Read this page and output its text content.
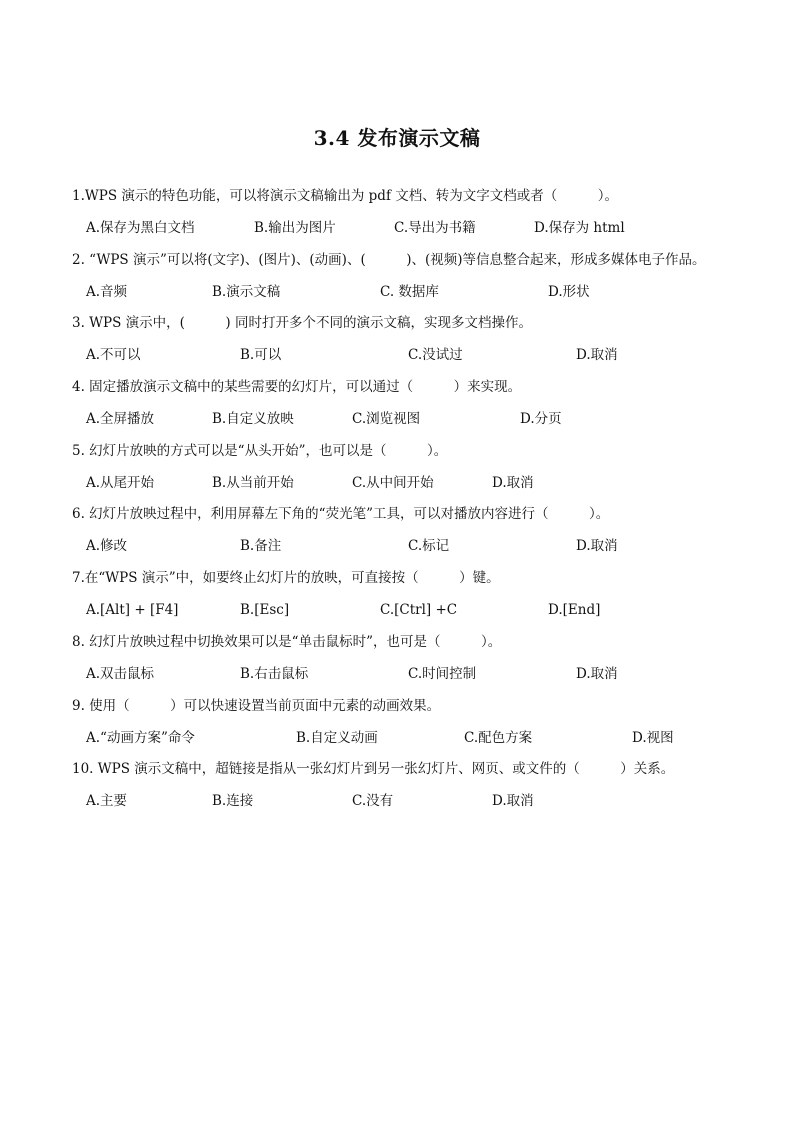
3.4 发布演示文稿
1.WPS 演示的特色功能，可以将演示文稿输出为 pdf 文档、转为文字文档或者（　　　）。
A.保存为黑白文档	B.输出为图片	C.导出为书籍	D.保存为 html
2. “WPS 演示”可以将(文字)、(图片)、(动画)、(　　　)、(视频)等信息整合起来，形成多媒体电子作品。
A.音频	B.演示文稿	C. 数据库	D.形状
3. WPS 演示中，(　　　) 同时打开多个不同的演示文稿，实现多文档操作。
A.不可以	B.可以	C.没试过	D.取消
4. 固定播放演示文稿中的某些需要的幻灯片，可以通过（　　　）来实现。
A.全屏播放	B.自定义放映	C.浏览视图	D.分页
5. 幻灯片放映的方式可以是“从头开始”，也可以是（　　　）。
A.从尾开始	B.从当前开始	C.从中间开始	D.取消
6. 幻灯片放映过程中，利用屏幕左下角的“荧光笔”工具，可以对播放内容进行（　　　）。
A.修改	B.备注	C.标记	D.取消
7.在“WPS 演示”中，如要终止幻灯片的放映，可直接按（　　　）键。
A.[Alt] + [F4]	B.[Esc]	C.[Ctrl] +C	D.[End]
8. 幻灯片放映过程中切换效果可以是“单击鼠标时”，也可是（　　　）。
A.双击鼠标	B.右击鼠标	C.时间控制	D.取消
9. 使用（　　　）可以快速设置当前页面中元素的动画效果。
A.“动画方案”命令	B.自定义动画	C.配色方案	D.视图
10. WPS 演示文稿中，超链接是指从一张幻灯片到另一张幻灯片、网页、或文件的（　　　）关系。
A.主要	B.连接	C.没有	D.取消
